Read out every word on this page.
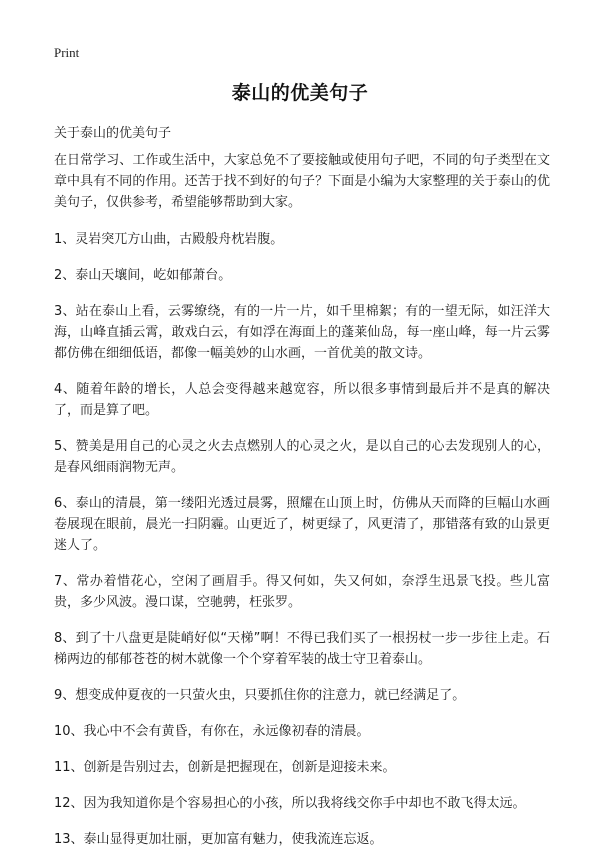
Print
泰山的优美句子
关于泰山的优美句子

在日常学习、工作或生活中，大家总免不了要接触或使用句子吧，不同的句子类型在文章中具有不同的作用。还苦于找不到好的句子？下面是小编为大家整理的关于泰山的优美句子，仅供参考，希望能够帮助到大家。

1、灵岩突兀方山曲，古殿般舟枕岩腹。

2、泰山天壤间，屹如郁萧台。

3、站在泰山上看，云雾缭绕，有的一片一片，如千里棉絮；有的一望无际，如汪洋大海，山峰直插云霄，敢戏白云，有如浮在海面上的蓬莱仙岛，每一座山峰，每一片云雾都仿佛在细细低语，都像一幅美妙的山水画，一首优美的散文诗。

4、随着年龄的增长，人总会变得越来越宽容，所以很多事情到最后并不是真的解决了，而是算了吧。

5、赞美是用自己的心灵之火去点燃别人的心灵之火，是以自己的心去发现别人的心，是春风细雨润物无声。

6、泰山的清晨，第一缕阳光透过晨雾，照耀在山顶上时，仿佛从天而降的巨幅山水画卷展现在眼前，晨光一扫阴霾。山更近了，树更绿了，风更清了，那错落有致的山景更迷人了。

7、常办着惜花心，空闲了画眉手。得又何如，失又何如，奈浮生迅景飞投。些儿富贵，多少风波。漫口谋，空驰骋，枉张罗。

8、到了十八盘更是陡峭好似“天梯”啊！不得已我们买了一根拐杖一步一步往上走。石梯两边的郁郁苍苍的树木就像一个个穿着军装的战士守卫着泰山。

9、想变成仲夏夜的一只萤火虫，只要抓住你的注意力，就已经满足了。

10、我心中不会有黄昏，有你在，永远像初春的清晨。

11、创新是告别过去，创新是把握现在，创新是迎接未来。

12、因为我知道你是个容易担心的小孩，所以我将线交你手中却也不敢飞得太远。

13、泰山显得更加壮丽，更加富有魅力，使我流连忘返。
